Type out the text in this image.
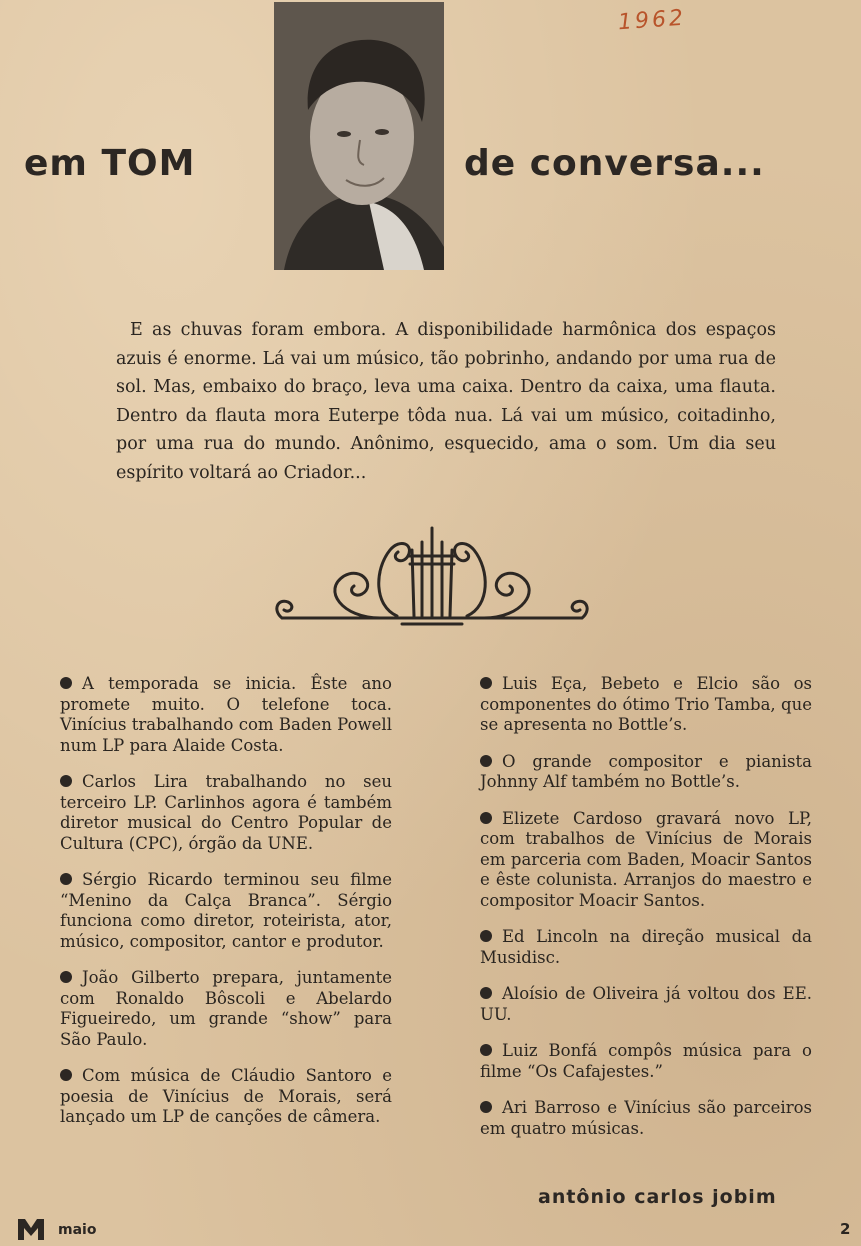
1962
em TOM	de conversa...
E as chuvas foram embora. A disponibilidade harmônica dos espaços azuis é enorme. Lá vai um músico, tão pobrinho, andando por uma rua de sol. Mas, embaixo do braço, leva uma caixa. Dentro da caixa, uma flauta. Dentro da flauta mora Euterpe tôda nua. Lá vai um músico, coitadinho, por uma rua do mundo. Anônimo, esquecido, ama o som. Um dia seu espírito voltará ao Criador...

A temporada se inicia. Êste ano promete muito. O telefone toca. Vinícius trabalhando com Baden Powell num LP para Alaide Costa.

Carlos Lira trabalhando no seu terceiro LP. Carlinhos agora é também diretor musical do Centro Popular de Cultura (CPC), órgão da UNE.

Sérgio Ricardo terminou seu filme “Menino da Calça Branca”. Sérgio funciona como diretor, roteirista, ator, músico, compositor, cantor e produtor.

João Gilberto prepara, juntamente com Ronaldo Bôscoli e Abelardo Figueiredo, um grande “show” para São Paulo.

Com música de Cláudio Santoro e poesia de Vinícius de Morais, será lançado um LP de canções de câmera.

Luis Eça, Bebeto e Elcio são os componentes do ótimo Trio Tamba, que se apresenta no Bottle’s.

O grande compositor e pianista Johnny Alf também no Bottle’s.

Elizete Cardoso gravará novo LP, com trabalhos de Vinícius de Morais em parceria com Baden, Moacir Santos e êste colunista. Arranjos do maestro e compositor Moacir Santos.

Ed Lincoln na direção musical da Musidisc.

Aloísio de Oliveira já voltou dos EE. UU.

Luiz Bonfá compôs música para o filme “Os Cafajestes.”

Ari Barroso e Vinícius são parceiros em quatro músicas.

antônio carlos jobim
maio	2
